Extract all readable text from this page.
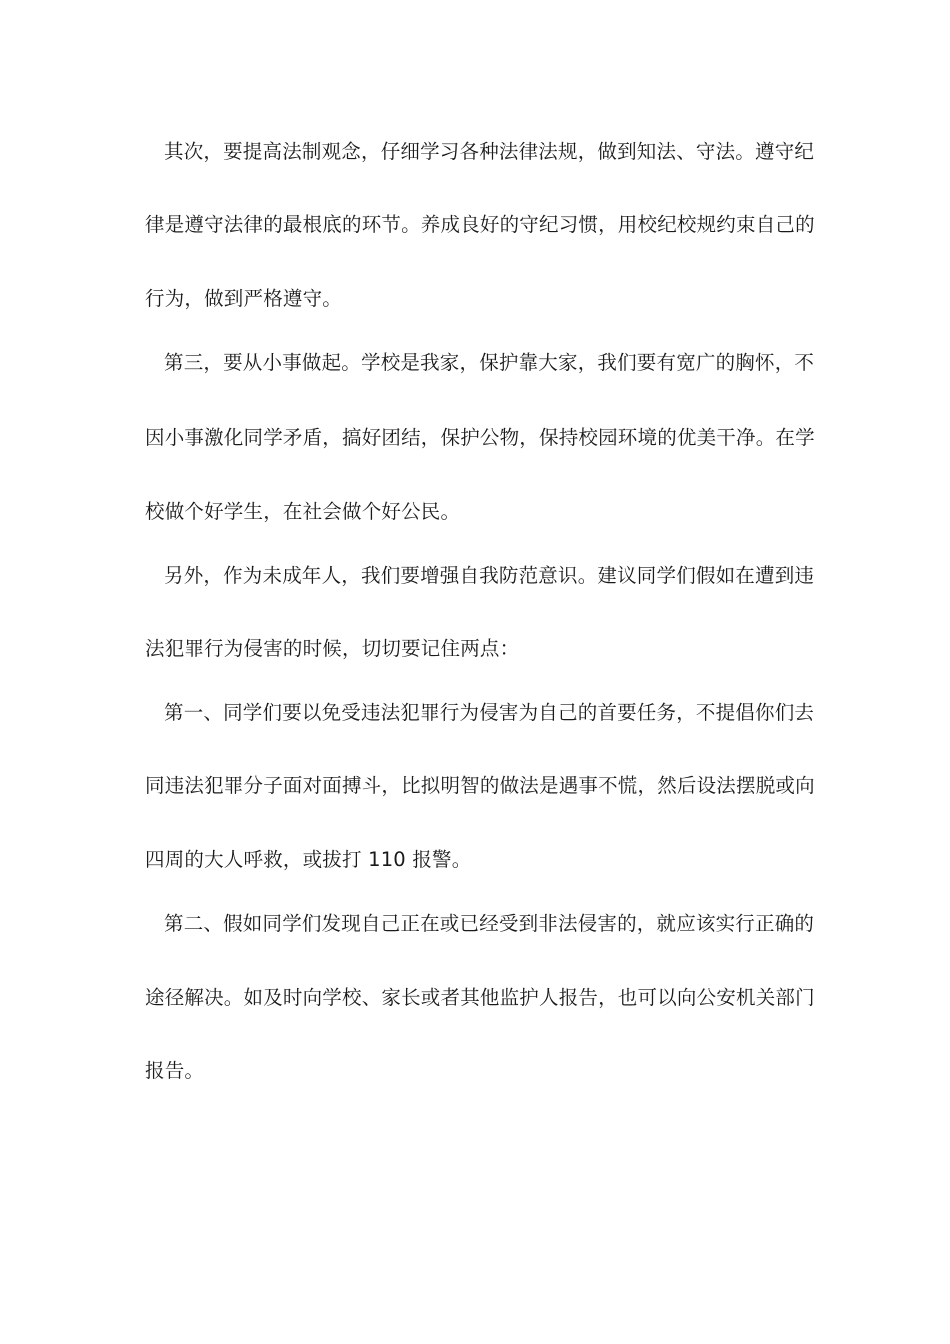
其次，要提高法制观念，仔细学习各种法律法规，做到知法、守法。遵守纪
律是遵守法律的最根底的环节。养成良好的守纪习惯，用校纪校规约束自己的
行为，做到严格遵守。
第三，要从小事做起。学校是我家，保护靠大家，我们要有宽广的胸怀，不
因小事激化同学矛盾，搞好团结，保护公物，保持校园环境的优美干净。在学
校做个好学生，在社会做个好公民。
另外，作为未成年人，我们要增强自我防范意识。建议同学们假如在遭到违
法犯罪行为侵害的时候，切切要记住两点：
第一、同学们要以免受违法犯罪行为侵害为自己的首要任务，不提倡你们去
同违法犯罪分子面对面搏斗，比拟明智的做法是遇事不慌，然后设法摆脱或向
四周的大人呼救，或拔打 110 报警。
第二、假如同学们发现自己正在或已经受到非法侵害的，就应该实行正确的
途径解决。如及时向学校、家长或者其他监护人报告，也可以向公安机关部门
报告。
